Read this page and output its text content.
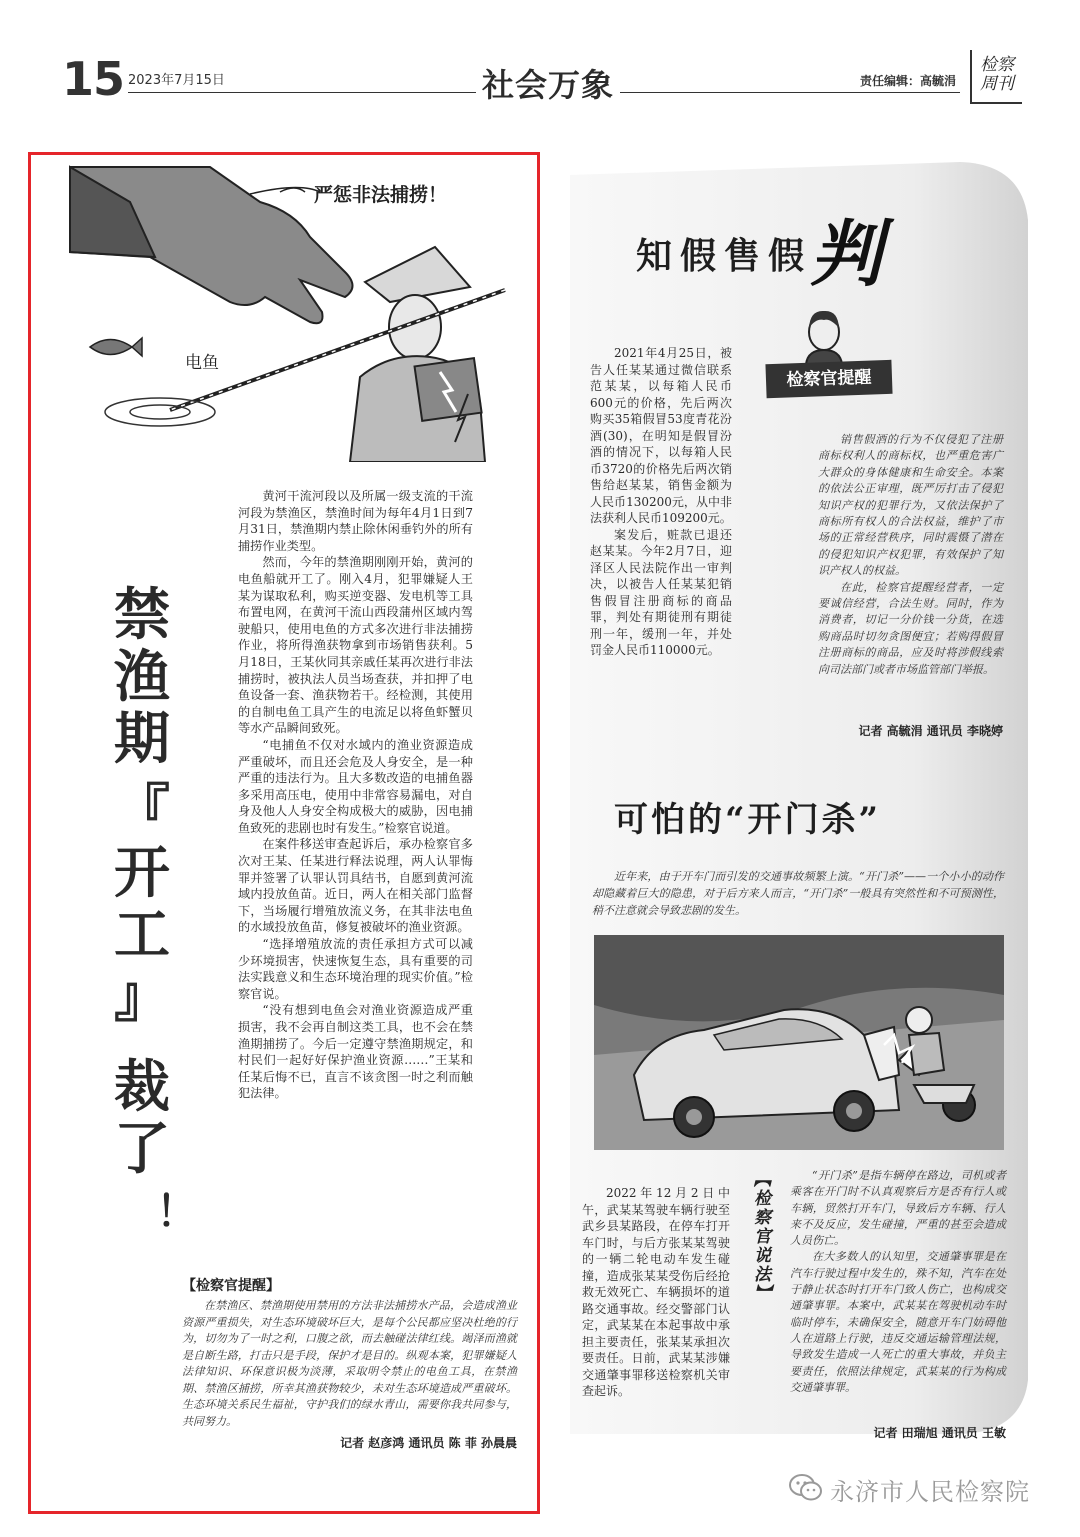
15 2023年7月15日	社会万象	责任编辑：高毓涓
检察周刊
严惩非法捕捞！
电鱼
禁
渔
期
『
开
工
』
裁
了
！

黄河干流河段以及所属一级支流的干流河段为禁渔区，禁渔时间为每年4月1日到7月31日，禁渔期内禁止除休闲垂钓外的所有捕捞作业类型。

然而，今年的禁渔期刚刚开始，黄河的电鱼船就开工了。刚入4月，犯罪嫌疑人王某为谋取私利，购买逆变器、发电机等工具布置电网，在黄河干流山西段蒲州区域内驾驶船只，使用电鱼的方式多次进行非法捕捞作业，将所得渔获物拿到市场销售获利。5月18日，王某伙同其亲戚任某再次进行非法捕捞时，被执法人员当场查获，并扣押了电鱼设备一套、渔获物若干。经检测，其使用的自制电鱼工具产生的电流足以将鱼虾蟹贝等水产品瞬间致死。

“电捕鱼不仅对水域内的渔业资源造成严重破坏，而且还会危及人身安全，是一种严重的违法行为。且大多数改造的电捕鱼器多采用高压电，使用中非常容易漏电，对自身及他人人身安全构成极大的威胁，因电捕鱼致死的悲剧也时有发生。”检察官说道。

在案件移送审查起诉后，承办检察官多次对王某、任某进行释法说理，两人认罪悔罪并签署了认罪认罚具结书，自愿到黄河流域内投放鱼苗。近日，两人在相关部门监督下，当场履行增殖放流义务，在其非法电鱼的水域投放鱼苗，修复被破坏的渔业资源。

“选择增殖放流的责任承担方式可以减少环境损害，快速恢复生态，具有重要的司法实践意义和生态环境治理的现实价值。”检察官说。

“没有想到电鱼会对渔业资源造成严重损害，我不会再自制这类工具，也不会在禁渔期捕捞了。今后一定遵守禁渔期规定，和村民们一起好好保护渔业资源……”王某和任某后悔不已，直言不该贪图一时之利而触犯法律。

【检察官提醒】
在禁渔区、禁渔期使用禁用的方法非法捕捞水产品，会造成渔业资源严重损失，对生态环境破坏巨大，是每个公民都应坚决杜绝的行为，切勿为了一时之利，口腹之欲，而去触碰法律红线。竭泽而渔就是自断生路，打击只是手段，保护才是目的。纵观本案，犯罪嫌疑人法律知识、环保意识极为淡薄，采取明令禁止的电鱼工具，在禁渔期、禁渔区捕捞，所幸其渔获物较少，未对生态环境造成严重破坏。生态环境关系民生福祉，守护我们的绿水青山，需要你我共同参与，共同努力。
记者 赵彦鸿 通讯员 陈 菲 孙晨晨
知假售假
判
检察官提醒

2021年4月25日，被告人任某某通过微信联系范某某，以每箱人民币600元的价格，先后两次购买35箱假冒53度青花汾酒(30)，在明知是假冒汾酒的情况下，以每箱人民币3720的价格先后两次销售给赵某某，销售金额为人民币130200元，从中非法获利人民币109200元。

案发后，赃款已退还赵某某。今年2月7日，迎泽区人民法院作出一审判决，以被告人任某某犯销售假冒注册商标的商品罪，判处有期徒刑有期徒刑一年，缓刑一年，并处罚金人民币110000元。

销售假酒的行为不仅侵犯了注册商标权利人的商标权，也严重危害广大群众的身体健康和生命安全。本案的依法公正审理，既严厉打击了侵犯知识产权的犯罪行为，又依法保护了商标所有权人的合法权益，维护了市场的正常经营秩序，同时震慑了潜在的侵犯知识产权犯罪，有效保护了知识产权人的权益。

在此，检察官提醒经营者，一定要诚信经营，合法生财。同时，作为消费者，切记一分价钱一分货，在选购商品时切勿贪图便宜；若购得假冒注册商标的商品，应及时将涉假线索向司法部门或者市场监管部门举报。

记者 高毓涓 通讯员 李晓婷
可怕的“开门杀”
近年来，由于开车门而引发的交通事故频繁上演。“开门杀”——一个小小的动作却隐藏着巨大的隐患，对于后方来人而言，“开门杀”一般具有突然性和不可预测性，稍不注意就会导致悲剧的发生。

2022年12月2日中午，武某某驾驶车辆行驶至武乡县某路段，在停车打开车门时，与后方张某某驾驶的一辆二轮电动车发生碰撞，造成张某某受伤后经抢救无效死亡、车辆损坏的道路交通事故。经交警部门认定，武某某在本起事故中承担主要责任，张某某承担次要责任。日前，武某某涉嫌交通肇事罪移送检察机关审查起诉。

【检察官说法】	“开门杀”是指车辆停在路边，司机或者乘客在开门时不认真观察后方是否有行人或车辆，贸然打开车门，导致后方车辆、行人来不及反应，发生碰撞，严重的甚至会造成人员伤亡。

在大多数人的认知里，交通肇事罪是在汽车行驶过程中发生的，殊不知，汽车在处于静止状态时打开车门致人伤亡，也构成交通肇事罪。本案中，武某某在驾驶机动车时临时停车，未确保安全，随意开车门妨碍他人在道路上行驶，违反交通运输管理法规，导致发生造成一人死亡的重大事故，并负主要责任，依照法律规定，武某某的行为构成交通肇事罪。

记者 田瑞旭 通讯员 王敏
永济市人民检察院
